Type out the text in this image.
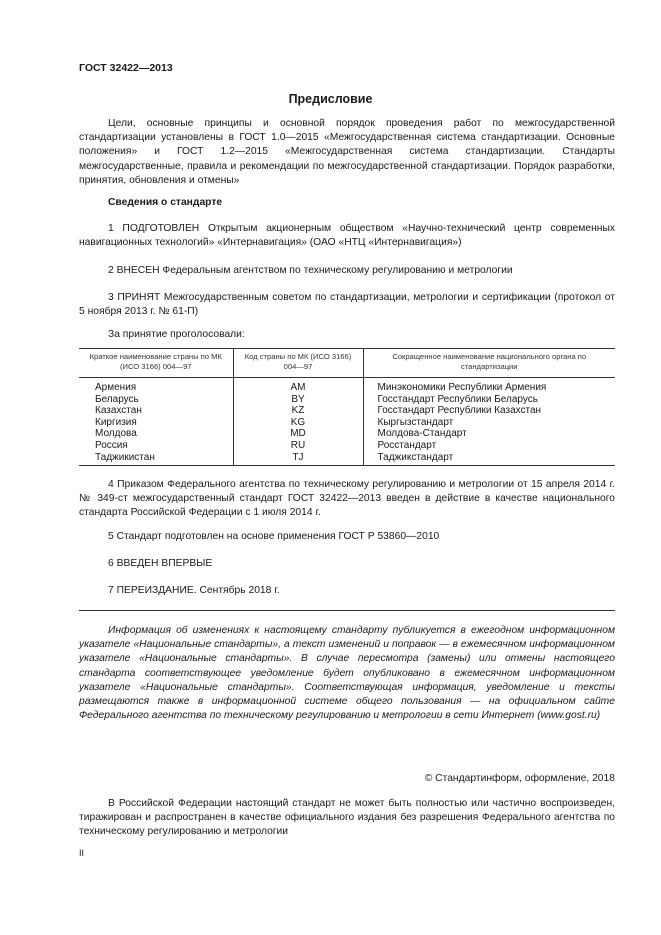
ГОСТ 32422—2013
Предисловие

Цели, основные принципы и основной порядок проведения работ по межгосударственной стандартизации установлены в ГОСТ 1.0—2015 «Межгосударственная система стандартизации. Основные положения» и ГОСТ 1.2—2015 «Межгосударственная система стандартизации. Стандарты межгосударственные, правила и рекомендации по межгосударственной стандартизации. Порядок разработки, принятия, обновления и отмены»

Сведения о стандарте

1 ПОДГОТОВЛЕН Открытым акционерным обществом «Научно-технический центр современных навигационных технологий» «Интернавигация» (ОАО «НТЦ «Интернавигация»)

2 ВНЕСЕН Федеральным агентством по техническому регулированию и метрологии

3 ПРИНЯТ Межгосударственным советом по стандартизации, метрологии и сертификации (протокол от 5 ноября 2013 г. № 61-П)

За принятие проголосовали:

Краткое наименование страны по МК (ИСО 3166) 004—97	Код страны по МК (ИСО 3166) 004—97	Сокращенное наименование национального органа по стандартизации
Армения	AM	Минэкономики Республики Армения
Беларусь	BY	Госстандарт Республики Беларусь
Казахстан	KZ	Госстандарт Республики Казахстан
Киргизия	KG	Кыргызстандарт
Молдова	MD	Молдова-Стандарт
Россия	RU	Росстандарт
Таджикистан	TJ	Таджикстандарт

4 Приказом Федерального агентства по техническому регулированию и метрологии от 15 апреля 2014 г. № 349-ст межгосударственный стандарт ГОСТ 32422—2013 введен в действие в качестве национального стандарта Российской Федерации с 1 июля 2014 г.

5 Стандарт подготовлен на основе применения ГОСТ Р 53860—2010

6 ВВЕДЕН ВПЕРВЫЕ

7 ПЕРЕИЗДАНИЕ. Сентябрь 2018 г.

Информация об изменениях к настоящему стандарту публикуется в ежегодном информационном указателе «Национальные стандарты», а текст изменений и поправок — в ежемесячном информационном указателе «Национальные стандарты». В случае пересмотра (замены) или отмены настоящего стандарта соответствующее уведомление будет опубликовано в ежемесячном информационном указателе «Национальные стандарты». Соответствующая информация, уведомление и тексты размещаются также в информационной системе общего пользования — на официальном сайте Федерального агентства по техническому регулированию и метрологии в сети Интернет (www.gost.ru)

© Стандартинформ, оформление, 2018

В Российской Федерации настоящий стандарт не может быть полностью или частично воспроизведен, тиражирован и распространен в качестве официального издания без разрешения Федерального агентства по техническому регулированию и метрологии

II
